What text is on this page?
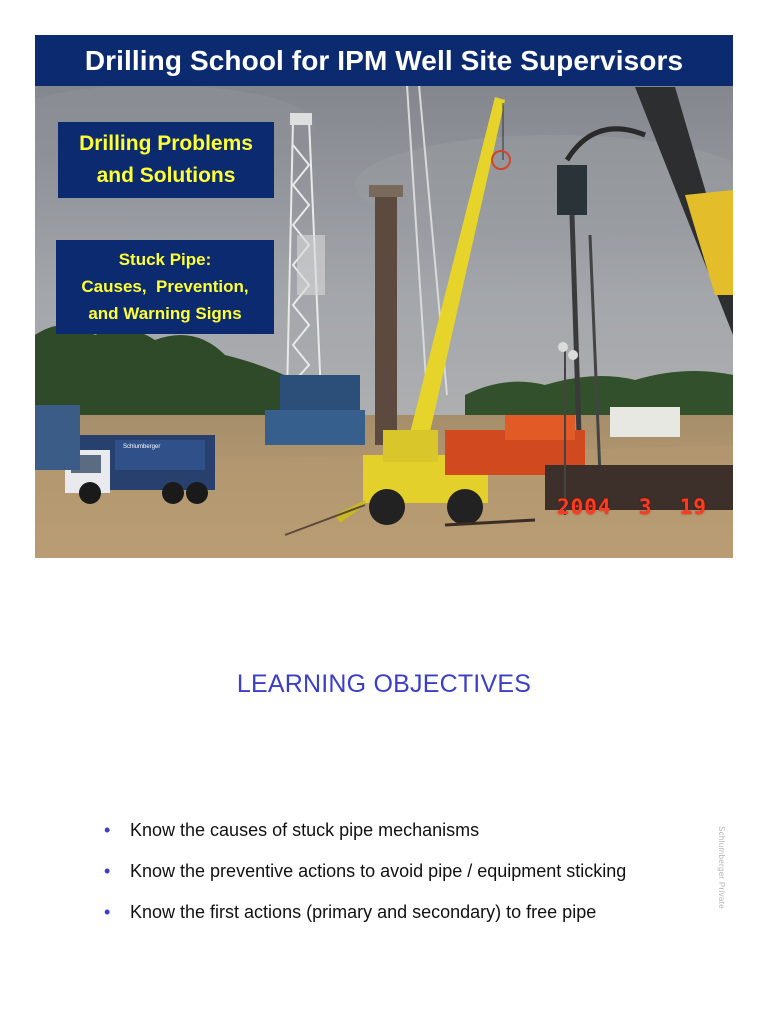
Schlumberger
Drilling School for IPM Well Site Supervisors
Drilling Problems
and Solutions
Stuck Pipe:
Causes,  Prevention,
and Warning Signs
2004  3  19
LEARNING OBJECTIVES
• Know the causes of stuck pipe mechanisms
• Know the preventive actions to avoid pipe / equipment sticking
• Know the first actions (primary and secondary) to free pipe
Schlumberger Private
